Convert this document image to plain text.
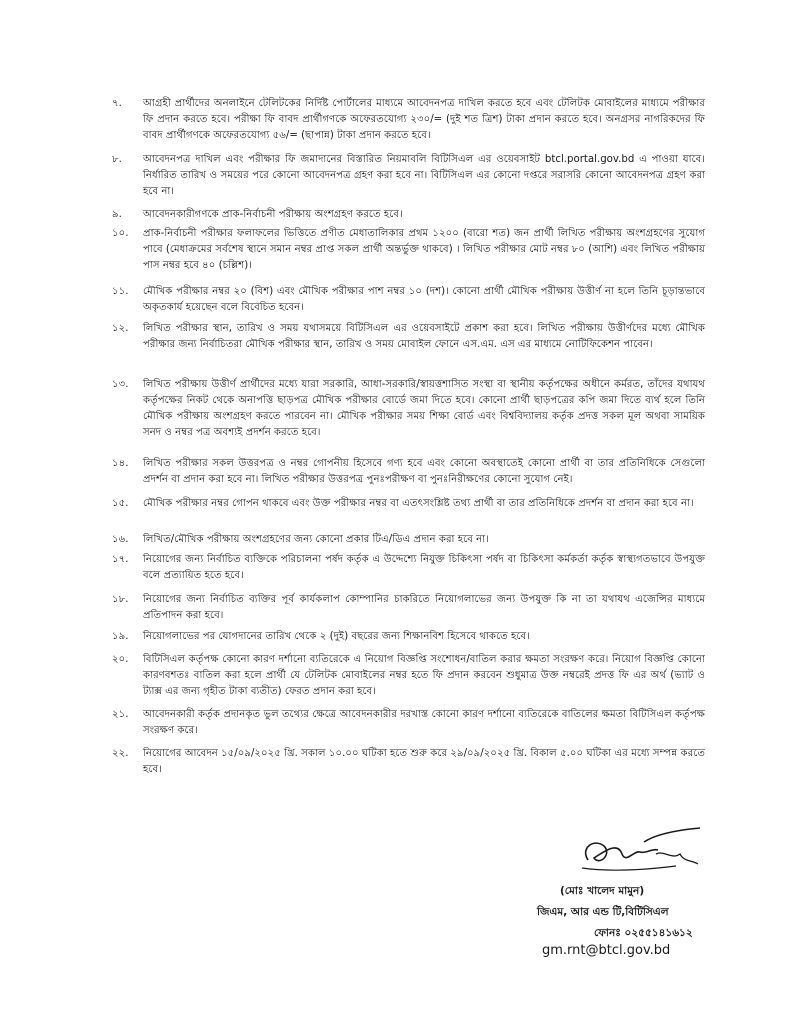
৭.	আগ্রহী প্রার্থীদের অনলাইনে টেলিটকের নির্দিষ্ট পোর্টালের মাধ্যমে আবেদনপত্র দাখিল করতে হবে এবং টেলিটক মোবাইলের মাধ্যমে পরীক্ষার ফি প্রদান করতে হবে। পরীক্ষা ফি বাবদ প্রার্থীগণকে অফেরতযোগ্য ২৩০/= (দুই শত ত্রিশ) টাকা প্রদান করতে হবে। অনগ্রসর নাগরিকদের ফি বাবদ প্রার্থীগণকে অফেরতযোগ্য ৫৬/= (ছাপান্ন) টাকা প্রদান করতে হবে।
৮.	আবেদনপত্র দাখিল এবং পরীক্ষার ফি জমাদানের বিস্তারিত নিয়মাবলি বিটিসিএল এর ওয়েবসাইট btcl.portal.gov.bd এ পাওয়া যাবে। নির্ধারিত তারিখ ও সময়ের পরে কোনো আবেদনপত্র গ্রহণ করা হবে না। বিটিসিএল এর কোনো দপ্তরে সরাসরি কোনো আবেদনপত্র গ্রহণ করা হবে না।
৯.	আবেদনকারীগণকে প্রাক-নির্বাচনী পরীক্ষায় অংশগ্রহণ করতে হবে।
১০.	প্রাক-নির্বাচনী পরীক্ষার ফলাফলের ভিত্তিতে প্রণীত মেধাতালিকার প্রথম ১২০০ (বারো শত) জন প্রার্থী লিখিত পরীক্ষায় অংশগ্রহণের সুযোগ পাবে (মেধাক্রমের সর্বশেষ স্থানে সমান নম্বর প্রাপ্ত সকল প্রার্থী অন্তর্ভুক্ত থাকবে) । লিখিত পরীক্ষার মোট নম্বর ৮০ (আশি) এবং লিখিত পরীক্ষায় পাস নম্বর হবে ৪০ (চল্লিশ)।
১১.	মৌখিক পরীক্ষার নম্বর ২০ (বিশ) এবং মৌখিক পরীক্ষার পাশ নম্বর ১০ (দশ)। কোনো প্রার্থী মৌখিক পরীক্ষায় উত্তীর্ণ না হলে তিনি চূড়ান্তভাবে অকৃতকার্য হয়েছেন বলে বিবেচিত হবেন।
১২.	লিখিত পরীক্ষার স্থান, তারিখ ও সময় যথাসময়ে বিটিসিএল এর ওয়েবসাইটে প্রকাশ করা হবে। লিখিত পরীক্ষায় উত্তীর্ণদের মধ্যে মৌখিক পরীক্ষার জন্য নির্বাচিতরা মৌখিক পরীক্ষার স্থান, তারিখ ও সময় মোবাইল ফোনে এস.এম. এস এর মাধ্যমে নোটিফিকেশন পাবেন।
১৩.	লিখিত পরীক্ষায় উত্তীর্ণ প্রার্থীদের মধ্যে যারা সরকারি, আধা-সরকারি/স্বায়ত্তশাসিত সংস্থা বা স্থানীয় কর্তৃপক্ষের অধীনে কর্মরত, তাঁদের যথাযথ কর্তৃপক্ষের নিকট থেকে অনাপত্তি ছাড়পত্র মৌখিক পরীক্ষার বোর্ডে জমা দিতে হবে। কোনো প্রার্থী ছাড়পত্রের কপি জমা দিতে ব্যর্থ হলে তিনি মৌখিক পরীক্ষায় অংশগ্রহণ করতে পারবেন না। মৌখিক পরীক্ষার সময় শিক্ষা বোর্ড এবং বিশ্ববিদ্যালয় কর্তৃক প্রদত্ত সকল মূল অথবা সাময়িক সনদ ও নম্বর পত্র অবশ্যই প্রদর্শন করতে হবে।
১৪.	লিখিত পরীক্ষার সকল উত্তরপত্র ও নম্বর গোপনীয় হিসেবে গণ্য হবে এবং কোনো অবস্থাতেই কোনো প্রার্থী বা তার প্রতিনিধিকে সেগুলো প্রদর্শন বা প্রদান করা হবে না। লিখিত পরীক্ষার উত্তরপত্র পুনঃপরীক্ষণ বা পুনঃনিরীক্ষণের কোনো সুযোগ নেই।
১৫.	মৌখিক পরীক্ষার নম্বর গোপন থাকবে এবং উক্ত পরীক্ষার নম্বর বা এতৎসংশ্লিষ্ট তথ্য প্রার্থী বা তার প্রতিনিধিকে প্রদর্শন বা প্রদান করা হবে না।
১৬.	লিখিত/মৌখিক পরীক্ষায় অংশগ্রহণের জন্য কোনো প্রকার টিএ/ডিএ প্রদান করা হবে না।
১৭.	নিয়োগের জন্য নির্বাচিত ব্যক্তিকে পরিচালনা পর্ষদ কর্তৃক এ উদ্দেশ্যে নিযুক্ত চিকিৎসা পর্ষদ বা চিকিৎসা কর্মকর্তা কর্তৃক স্বাস্থ্যগতভাবে উপযুক্ত বলে প্রত্যায়িত হতে হবে।
১৮.	নিয়োগের জন্য নির্বাচিত ব্যক্তির পূর্ব কার্যকলাপ কোম্পানির চাকরিতে নিয়োগলাভের জন্য উপযুক্ত কি না তা যথাযথ এজেন্সির মাধ্যমে প্রতিপাদন করা হবে।
১৯.	নিয়োগলাভের পর যোগদানের তারিখ থেকে ২ (দুই) বছরের জন্য শিক্ষানবিশ হিসেবে থাকতে হবে।
২০.	বিটিসিএল কর্তৃপক্ষ কোনো কারণ দর্শানো ব্যতিরেকে এ নিয়োগ বিজ্ঞপ্তি সংশোধন/বাতিল করার ক্ষমতা সংরক্ষণ করে। নিয়োগ বিজ্ঞপ্তি কোনো কারণবশতঃ বাতিল করা হলে প্রার্থী যে টেলিটক মোবাইলের নম্বর হতে ফি প্রদান করবেন শুধুমাত্র উক্ত নম্বরেই প্রদত্ত ফি এর অর্থ (ভ্যাট ও ট্যাক্স এর জন্য গৃহীত টাকা ব্যতীত) ফেরত প্রদান করা হবে।
২১.	আবেদনকারী কর্তৃক প্রদানকৃত ভুল তথ্যের ক্ষেত্রে আবেদনকারীর দরখাস্ত কোনো কারণ দর্শানো ব্যতিরেকে বাতিলের ক্ষমতা বিটিসিএল কর্তৃপক্ষ সংরক্ষণ করে।
২২.	নিয়োগের আবেদন ১৫/০৯/২০২৫ খ্রি. সকাল ১০.০০ ঘটিকা হতে শুরু করে ২৯/০৯/২০২৫ খ্রি. বিকাল ৫.০০ ঘটিকা এর মধ্যে সম্পন্ন করতে হবে।
(মোঃ খালেদ মামুন)
জিএম, আর এন্ড টি,বিটিসিএল
ফোনঃ ০২৫৫১৪১৬১২
gm.rnt@btcl.gov.bd
